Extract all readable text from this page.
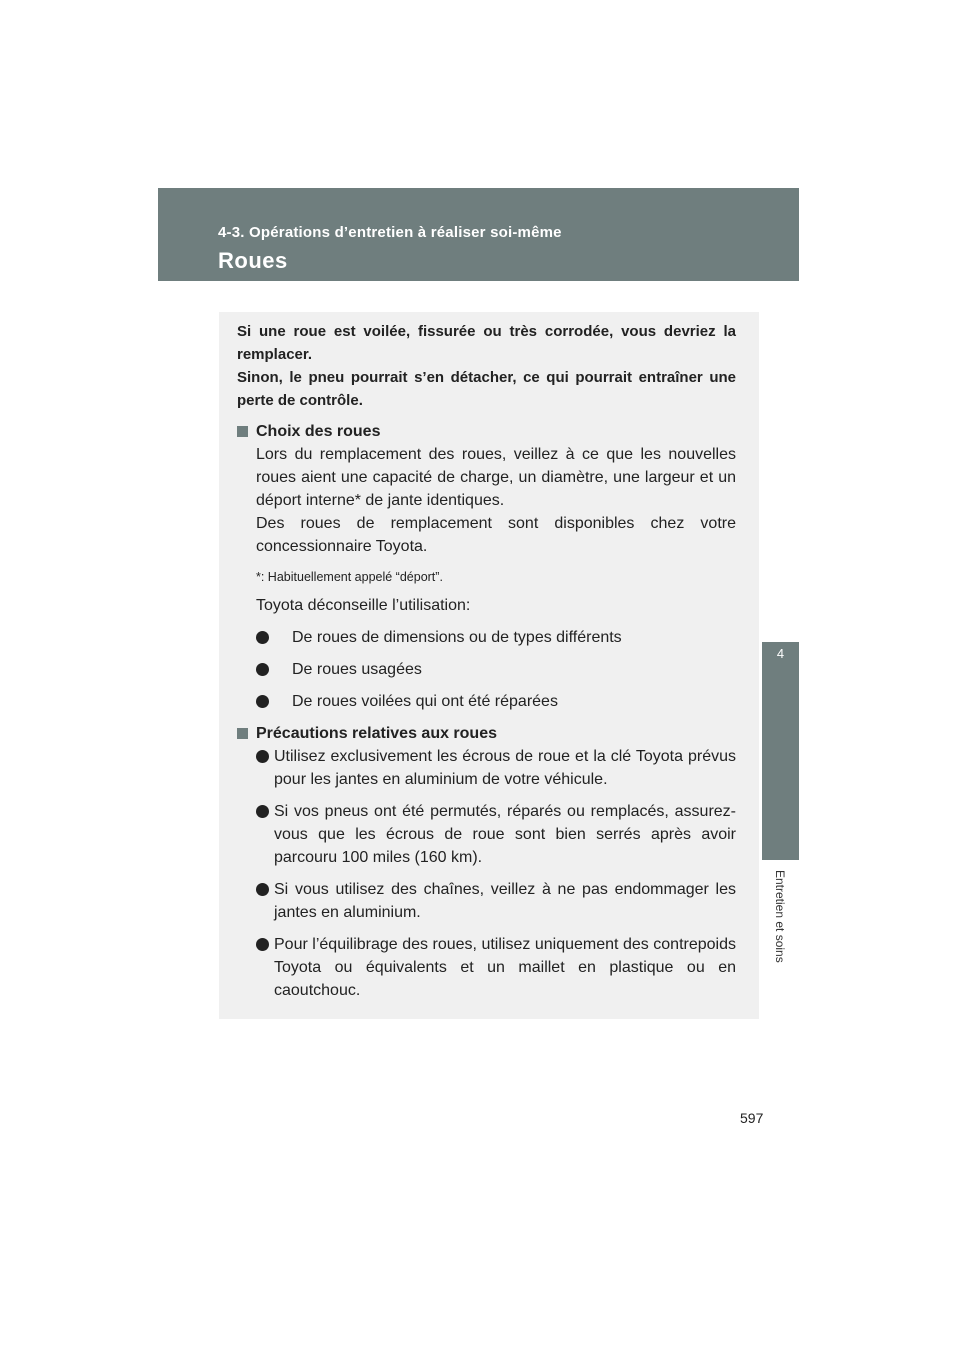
4-3. Opérations d’entretien à réaliser soi-même
Roues
4
Entretien et soins

Si une roue est voilée, fissurée ou très corrodée, vous devriez la remplacer.

Sinon, le pneu pourrait s’en détacher, ce qui pourrait entraîner une perte de contrôle.

Choix des roues

Lors du remplacement des roues, veillez à ce que les nouvelles roues aient une capacité de charge, un diamètre, une largeur et un déport interne* de jante identiques.

Des roues de remplacement sont disponibles chez votre concessionnaire Toyota.

*: Habituellement appelé “déport”.

Toyota déconseille l’utilisation:

De roues de dimensions ou de types différents

De roues usagées

De roues voilées qui ont été réparées

Précautions relatives aux roues

Utilisez exclusivement les écrous de roue et la clé Toyota prévus pour les jantes en aluminium de votre véhicule.

Si vos pneus ont été permutés, réparés ou remplacés, assurez-vous que les écrous de roue sont bien serrés après avoir parcouru 100 miles (160 km).

Si vous utilisez des chaînes, veillez à ne pas endommager les jantes en aluminium.

Pour l’équilibrage des roues, utilisez uniquement des contrepoids Toyota ou équivalents et un maillet en plastique ou en caoutchouc.

597
